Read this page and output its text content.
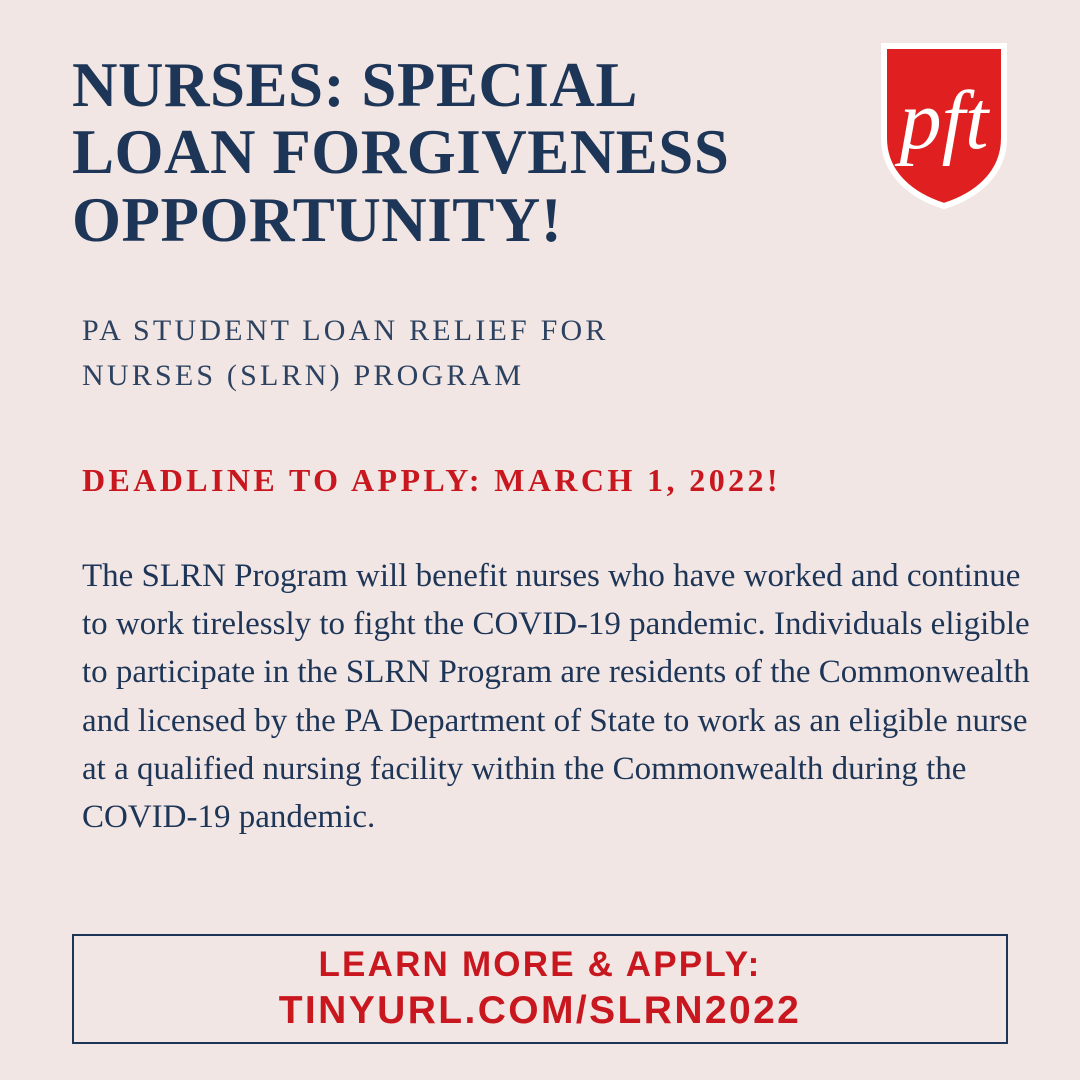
pft
NURSES: SPECIAL
LOAN FORGIVENESS
OPPORTUNITY!
PA STUDENT LOAN RELIEF FOR
NURSES (SLRN) PROGRAM
DEADLINE TO APPLY: MARCH 1, 2022!
The SLRN Program will benefit nurses who have worked and continue to work tirelessly to fight the COVID-19 pandemic. Individuals eligible to participate in the SLRN Program are residents of the Commonwealth and licensed by the PA Department of State to work as an eligible nurse at a qualified nursing facility within the Commonwealth during the COVID-19 pandemic.
LEARN MORE & APPLY:
TINYURL.COM/SLRN2022
